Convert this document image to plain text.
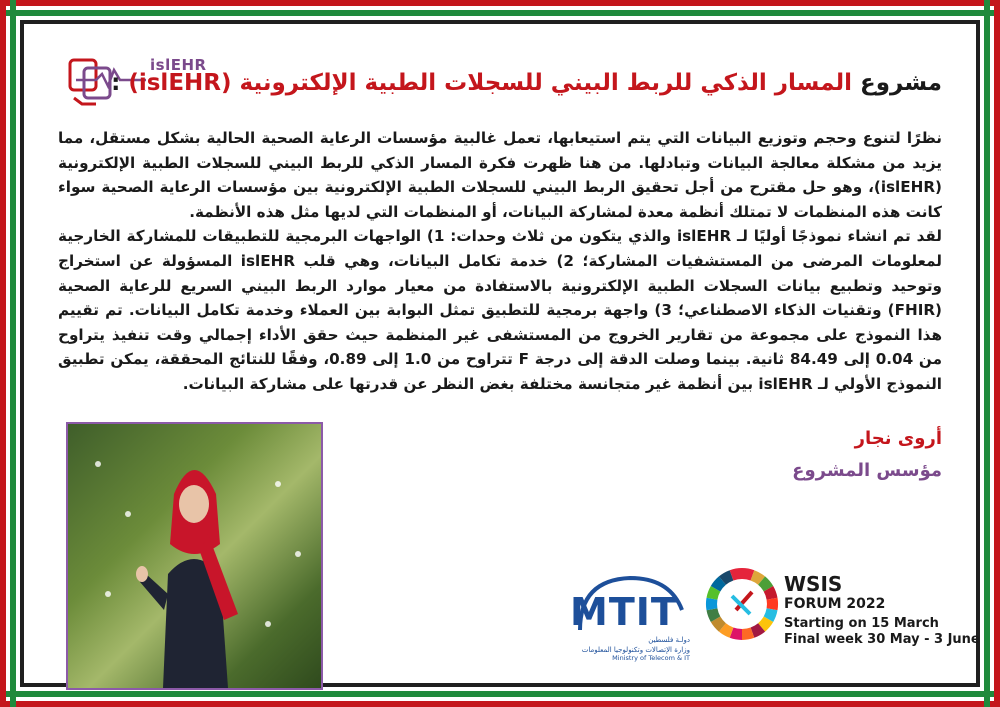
islEHR
مشروع المسار الذكي للربط البيني للسجلات الطبية الإلكترونية (islEHR) :

نظرًا لتنوع وحجم وتوزيع البيانات التي يتم استيعابها، تعمل غالبية مؤسسات الرعاية الصحية الحالية بشكل مستقل، مما يزيد من مشكلة معالجة البيانات وتبادلها. من هنا ظهرت فكرة المسار الذكي للربط البيني للسجلات الطبية الإلكترونية (islEHR)، وهو حل مقترح من أجل تحقيق الربط البيني للسجلات الطبية الإلكترونية بين مؤسسات الرعاية الصحية سواء كانت هذه المنظمات لا تمتلك أنظمة معدة لمشاركة البيانات، أو المنظمات التي لديها مثل هذه الأنظمة.

لقد تم انشاء نموذجًا أوليًا لـ islEHR والذي يتكون من ثلاث وحدات: 1) الواجهات البرمجية للتطبيقات للمشاركة الخارجية لمعلومات المرضى من المستشفيات المشاركة؛ 2) خدمة تكامل البيانات، وهي قلب islEHR المسؤولة عن استخراج وتوحيد وتطبيع بيانات السجلات الطبية الإلكترونية بالاستفادة من معيار موارد الربط البيني السريع للرعاية الصحية (FHIR) وتقنيات الذكاء الاصطناعي؛ 3) واجهة برمجية للتطبيق تمثل البوابة بين العملاء وخدمة تكامل البيانات. تم تقييم هذا النموذج على مجموعة من تقارير الخروج من المستشفى غير المنظمة حيث حقق الأداء إجمالي وقت تنفيذ يتراوح من 0.04 إلى 84.49 ثانية. بينما وصلت الدقة إلى درجة F تتراوح من 1.0 إلى 0.89، وفقًا للنتائج المحققة، يمكن تطبيق النموذج الأولي لـ islEHR بين أنظمة غير متجانسة مختلفة بغض النظر عن قدرتها على مشاركة البيانات.

أروى نجار
مؤسس المشروع
MTIT
دولـة فلسطين
وزارة الإتصالات وتكنولوجيا المعلومات
Ministry of Telecom & IT
WSIS
FORUM 2022
Starting on 15 March
Final week 30 May - 3 June
